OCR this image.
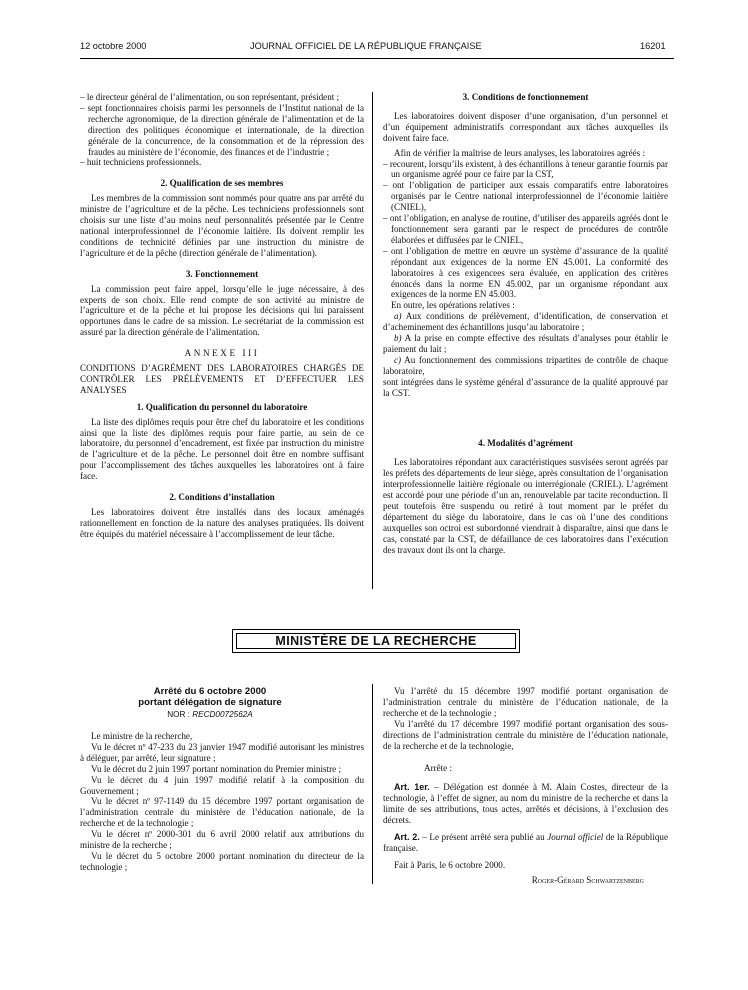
12 octobre 2000	JOURNAL OFFICIEL DE LA RÉPUBLIQUE FRANÇAISE	16201

– le directeur général de l’alimentation, ou son représentant, président ;

– sept fonctionnaires choisis parmi les personnels de l’Institut national de la recherche agronomique, de la direction générale de l’alimentation et de la direction des politiques économique et internationale, de la direction générale de la concurrence, de la consommation et de la répression des fraudes au ministère de l’économie, des finances et de l’industrie ;

– huit techniciens professionnels.

2. Qualification de ses membres

Les membres de la commission sont nommés pour quatre ans par arrêté du ministre de l’agriculture et de la pêche. Les techniciens professionnels sont choisis sur une liste d’au moins neuf personnalités présentée par le Centre national interprofessionnel de l’économie laitière. Ils doivent remplir les conditions de technicité définies par une instruction du ministre de l’agriculture et de la pêche (direction générale de l’alimentation).

3. Fonctionnement

La commission peut faire appel, lorsqu’elle le juge nécessaire, à des experts de son choix. Elle rend compte de son activité au ministre de l’agriculture et de la pêche et lui propose les décisions qui lui paraissent opportunes dans le cadre de sa mission. Le secrétariat de la commission est assuré par la direction générale de l’alimentation.

ANNEXE III

CONDITIONS D’AGRÉMENT DES LABORATOIRES CHARGÉS DE CONTRÔLER LES PRÉLÈVEMENTS ET D’EFFECTUER LES ANALYSES

1. Qualification du personnel du laboratoire

La liste des diplômes requis pour être chef du laboratoire et les conditions ainsi que la liste des diplômes requis pour faire partie, au sein de ce laboratoire, du personnel d’encadrement, est fixée par instruction du ministre de l’agriculture et de la pêche. Le personnel doit être en nombre suffisant pour l’accomplissement des tâches auxquelles les laboratoires ont à faire face.

2. Conditions d’installation

Les laboratoires doivent être installés dans des locaux aménagés rationnellement en fonction de la nature des analyses pratiquées. Ils doivent être équipés du matériel nécessaire à l’accomplissement de leur tâche.

3. Conditions de fonctionnement

Les laboratoires doivent disposer d’une organisation, d’un personnel et d’un équipement administratifs correspondant aux tâches auxquelles ils doivent faire face.

Afin de vérifier la maîtrise de leurs analyses, les laboratoires agréés :

– recourent, lorsqu’ils existent, à des échantillons à teneur garantie fournis par un organisme agréé pour ce faire par la CST,

– ont l’obligation de participer aux essais comparatifs entre laboratoires organisés par le Centre national interprofessionnel de l’économie laitière (CNIEL),

– ont l’obligation, en analyse de routine, d’utiliser des appareils agréés dont le fonctionnement sera garanti par le respect de procédures de contrôle élaborées et diffusées par le CNIEL,

– ont l’obligation de mettre en œuvre un système d’assurance de la qualité répondant aux exigences de la norme EN 45.001. La conformité des laboratoires à ces exigencees sera évaluée, en application des critères énoncés dans la norme EN 45.002, par un organisme répondant aux exigences de la norme EN 45.003.

En outre, les opérations relatives :

a) Aux conditions de prélèvement, d’identification, de conservation et d’acheminement des échantillons jusqu’au laboratoire ;

b) A la prise en compte effective des résultats d’analyses pour établir le paiement du lait ;

c) Au fonctionnement des commissions tripartites de contrôle de chaque laboratoire,

sont intégrées dans le système général d’assurance de la qualité approuvé par la CST.

4. Modalités d’agrément

Les laboratoires répondant aux caractéristiques susvisées seront agréés par les préfets des départements de leur siège, après consultation de l’organisation interprofessionnelle laitière régionale ou interrégionale (CRIEL). L’agrément est accordé pour une période d’un an, renouvelable par tacite reconduction. Il peut toutefois être suspendu ou retiré à tout moment par le préfet du département du siège du laboratoire, dans le cas où l’une des conditions auxquelles son octroi est subordonné viendrait à disparaître, ainsi que dans le cas, constaté par la CST, de défaillance de ces laboratoires dans l’exécution des travaux dont ils ont la charge.

MINISTÈRE DE LA RECHERCHE
Arrêté du 6 octobre 2000
portant délégation de signature
NOR : RECD0072562A

Le ministre de la recherche,

Vu le décret nº 47-233 du 23 janvier 1947 modifié autorisant les ministres à déléguer, par arrêté, leur signature ;

Vu le décret du 2 juin 1997 portant nomination du Premier ministre ;

Vu le décret du 4 juin 1997 modifié relatif à la composition du Gouvernement ;

Vu le décret nº 97-1149 du 15 décembre 1997 portant organisation de l’administration centrale du ministère de l’éducation nationale, de la recherche et de la technologie ;

Vu le décret nº 2000-301 du 6 avril 2000 relatif aux attributions du ministre de la recherche ;

Vu le décret du 5 octobre 2000 portant nomination du directeur de la technologie ;

Vu l’arrêté du 15 décembre 1997 modifié portant organisation de l’administration centrale du ministère de l’éducation nationale, de la recherche et de la technologie ;

Vu l’arrêté du 17 décembre 1997 modifié portant organisation des sous-directions de l’administration centrale du ministère de l’éducation nationale, de la recherche et de la technologie,

Arrête :

Art. 1er. – Délégation est donnée à M. Alain Costes, directeur de la technologie, à l’effet de signer, au nom du ministre de la recherche et dans la limite de ses attributions, tous actes, arrêtés et décisions, à l’exclusion des décrets.

Art. 2. – Le présent arrêté sera publié au Journal officiel de la République française.

Fait à Paris, le 6 octobre 2000.

Roger-Gérard Schwartzenberg
